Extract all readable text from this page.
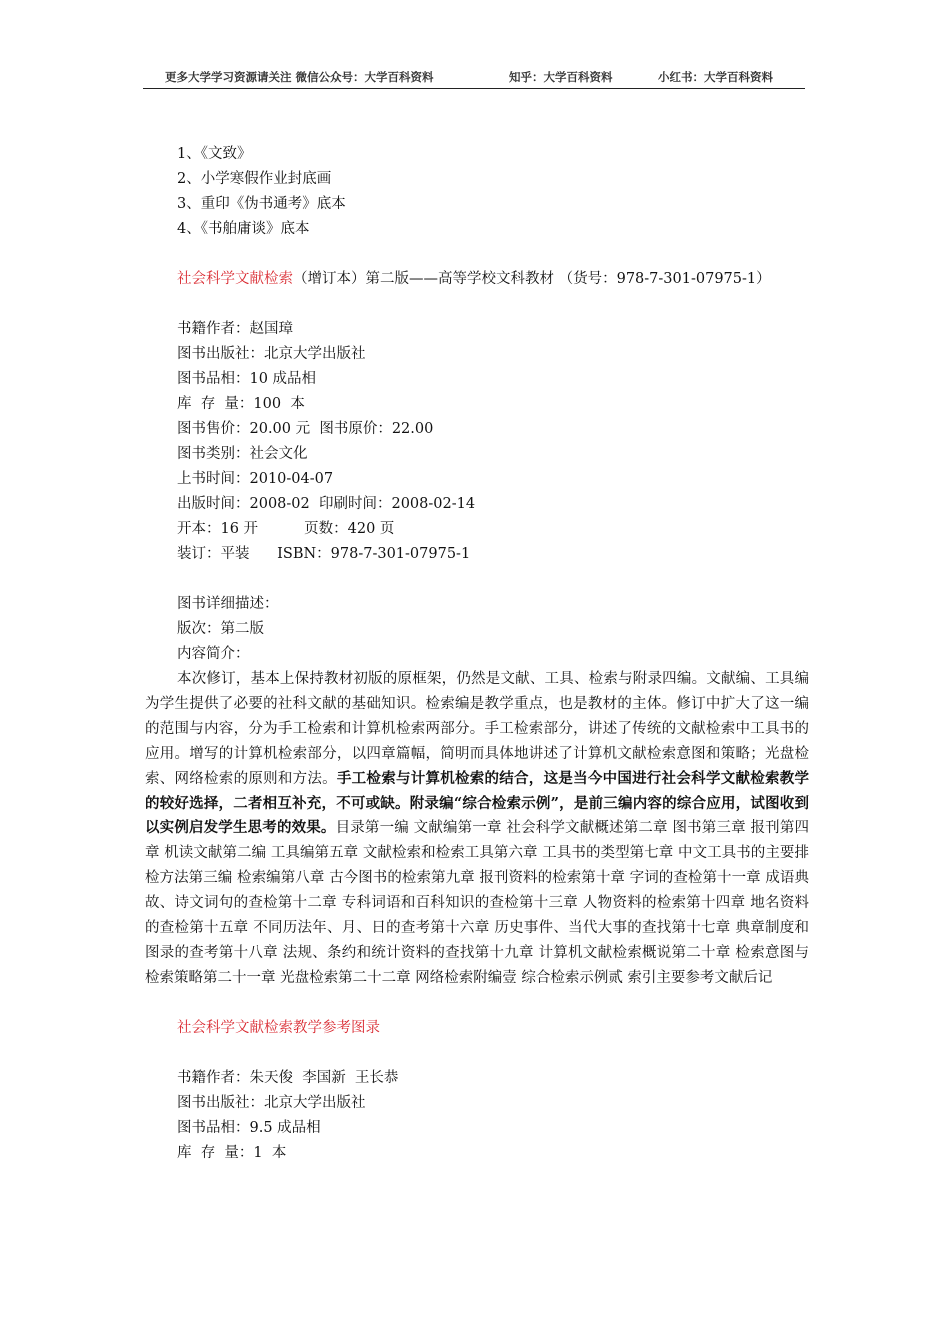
更多大学学习资源请关注 微信公众号：大学百科资料	知乎：大学百科资料	小红书：大学百科资料
1、《文致》
2、小学寒假作业封底画
3、重印《伪书通考》底本
4、《书舶庸谈》底本
社会科学文献检索（增订本）第二版——高等学校文科教材 （货号：978-7-301-07975-1）
书籍作者：赵国璋
图书出版社：北京大学出版社
图书品相：10 成品相
库  存  量：100  本
图书售价：20.00 元  图书原价：22.00
图书类别：社会文化
上书时间：2010-04-07
出版时间：2008-02  印刷时间：2008-02-14
开本：16 开          页数：420 页
装订：平装      ISBN：978-7-301-07975-1
图书详细描述：
版次：第二版
内容简介：

本次修订，基本上保持教材初版的原框架，仍然是文献、工具、检索与附录四编。文献编、工具编为学生提供了必要的社科文献的基础知识。检索编是教学重点，也是教材的主体。修订中扩大了这一编的范围与内容，分为手工检索和计算机检索两部分。手工检索部分，讲述了传统的文献检索中工具书的应用。增写的计算机检索部分，以四章篇幅，简明而具体地讲述了计算机文献检索意图和策略；光盘检索、网络检索的原则和方法。手工检索与计算机检索的结合，这是当今中国进行社会科学文献检索教学的较好选择，二者相互补充，不可或缺。附录编“综合检索示例”，是前三编内容的综合应用，试图收到以实例启发学生思考的效果。目录第一编 文献编第一章 社会科学文献概述第二章 图书第三章 报刊第四章 机读文献第二编 工具编第五章 文献检索和检索工具第六章 工具书的类型第七章 中文工具书的主要排检方法第三编 检索编第八章 古今图书的检索第九章 报刊资料的检索第十章 字词的查检第十一章 成语典故、诗文词句的查检第十二章 专科词语和百科知识的查检第十三章 人物资料的检索第十四章 地名资料的查检第十五章 不同历法年、月、日的查考第十六章 历史事件、当代大事的查找第十七章 典章制度和图录的查考第十八章 法规、条约和统计资料的查找第十九章 计算机文献检索概说第二十章 检索意图与检索策略第二十一章 光盘检索第二十二章 网络检索附编壹 综合检索示例贰 索引主要参考文献后记

社会科学文献检索教学参考图录
书籍作者：朱天俊  李国新  王长恭
图书出版社：北京大学出版社
图书品相：9.5 成品相
库  存  量：1  本
